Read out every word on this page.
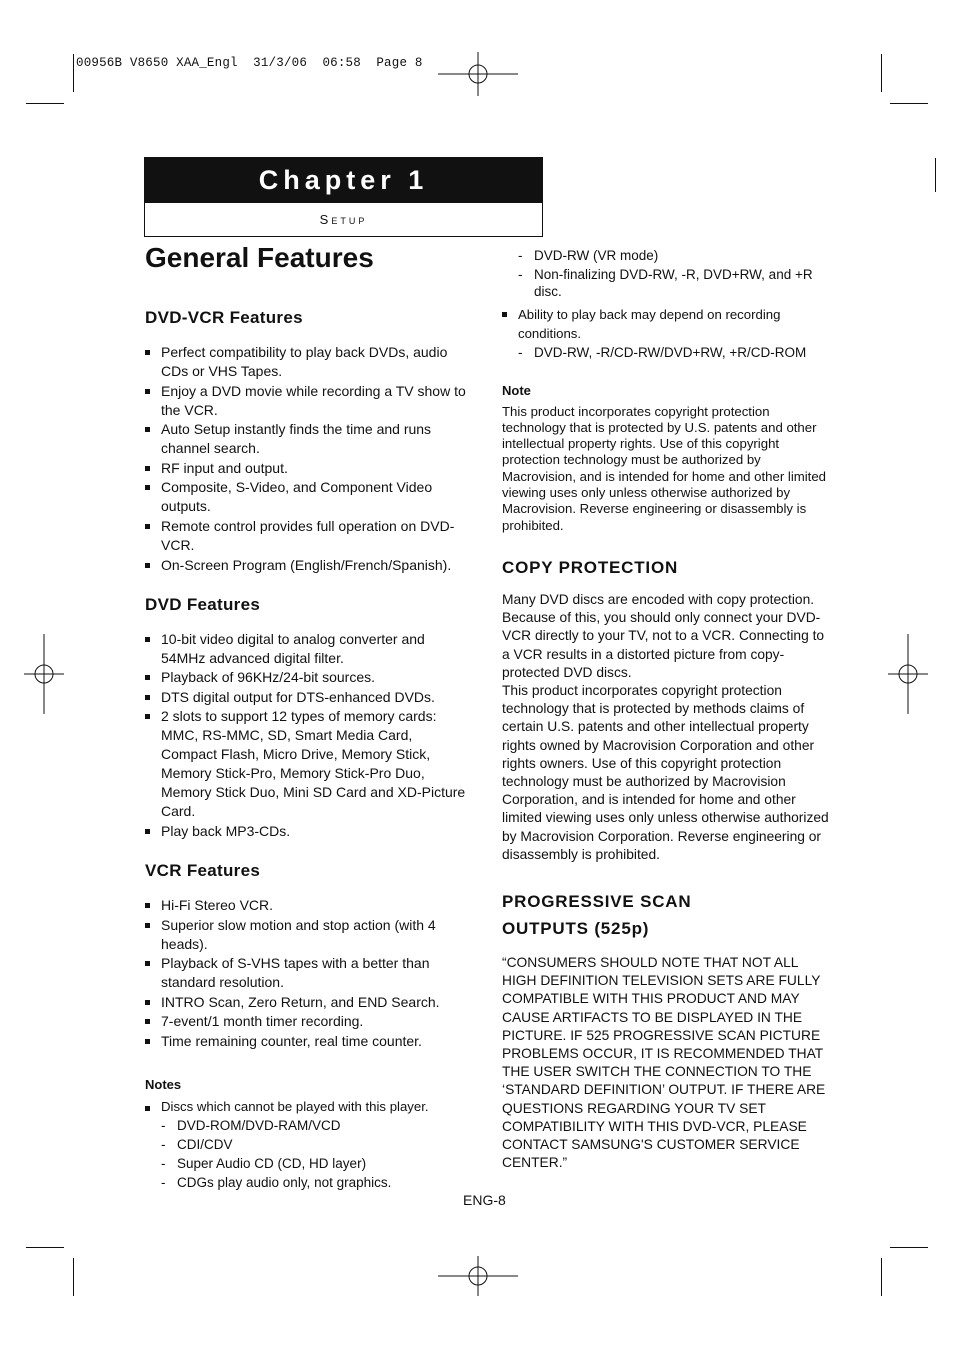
00956B V8650 XAA_Engl  31/3/06  06:58  Page 8
Chapter 1
Setup
General Features
DVD-VCR Features
Perfect compatibility to play back DVDs, audio CDs or VHS Tapes.
Enjoy a DVD movie while recording a TV show to the VCR.
Auto Setup instantly finds the time and runs channel search.
RF input and output.
Composite, S-Video, and Component Video outputs.
Remote control provides full operation on DVD-VCR.
On-Screen Program (English/French/Spanish).
DVD Features
10-bit video digital to analog converter and 54MHz advanced digital filter.
Playback of 96KHz/24-bit sources.
DTS digital output for DTS-enhanced DVDs.
2 slots to support 12 types of memory cards: MMC, RS-MMC, SD, Smart Media Card, Compact Flash, Micro Drive, Memory Stick, Memory Stick-Pro, Memory Stick-Pro Duo, Memory Stick Duo, Mini SD Card and XD-Picture Card.
Play back MP3-CDs.
VCR Features
Hi-Fi Stereo VCR.
Superior slow motion and stop action (with 4 heads).
Playback of S-VHS tapes with a better than standard resolution.
INTRO Scan, Zero Return, and END Search.
7-event/1 month timer recording.
Time remaining counter, real time counter.
Notes
Discs which cannot be played with this player.
- DVD-ROM/DVD-RAM/VCD
- CDI/CDV
- Super Audio CD (CD, HD layer)
- CDGs play audio only, not graphics.
- DVD-RW (VR mode)
- Non-finalizing DVD-RW, -R, DVD+RW, and +R disc.
Ability to play back may depend on recording conditions.
- DVD-RW, -R/CD-RW/DVD+RW, +R/CD-ROM
Note

This product incorporates copyright protection technology that is protected by U.S. patents and other intellectual property rights. Use of this copyright protection technology must be authorized by Macrovision, and is intended for home and other limited viewing uses only unless otherwise authorized by Macrovision. Reverse engineering or disassembly is prohibited.

COPY PROTECTION

Many DVD discs are encoded with copy protection. Because of this, you should only connect your DVD-VCR directly to your TV, not to a VCR. Connecting to a VCR results in a distorted picture from copy-protected DVD discs.

This product incorporates copyright protection technology that is protected by methods claims of certain U.S. patents and other intellectual property rights owned by Macrovision Corporation and other rights owners. Use of this copyright protection technology must be authorized by Macrovision Corporation, and is intended for home and other limited viewing uses only unless otherwise authorized by Macrovision Corporation. Reverse engineering or disassembly is prohibited.

PROGRESSIVE SCAN
OUTPUTS (525p)

“CONSUMERS SHOULD NOTE THAT NOT ALL HIGH DEFINITION TELEVISION SETS ARE FULLY COMPATIBLE WITH THIS PRODUCT AND MAY CAUSE ARTIFACTS TO BE DISPLAYED IN THE PICTURE. IF 525 PROGRESSIVE SCAN PICTURE PROBLEMS OCCUR, IT IS RECOMMENDED THAT THE USER SWITCH THE CONNECTION TO THE ‘STANDARD DEFINITION’ OUTPUT. IF THERE ARE QUESTIONS REGARDING YOUR TV SET COMPATIBILITY WITH THIS DVD-VCR, PLEASE CONTACT SAMSUNG'S CUSTOMER SERVICE CENTER.”

ENG-8
